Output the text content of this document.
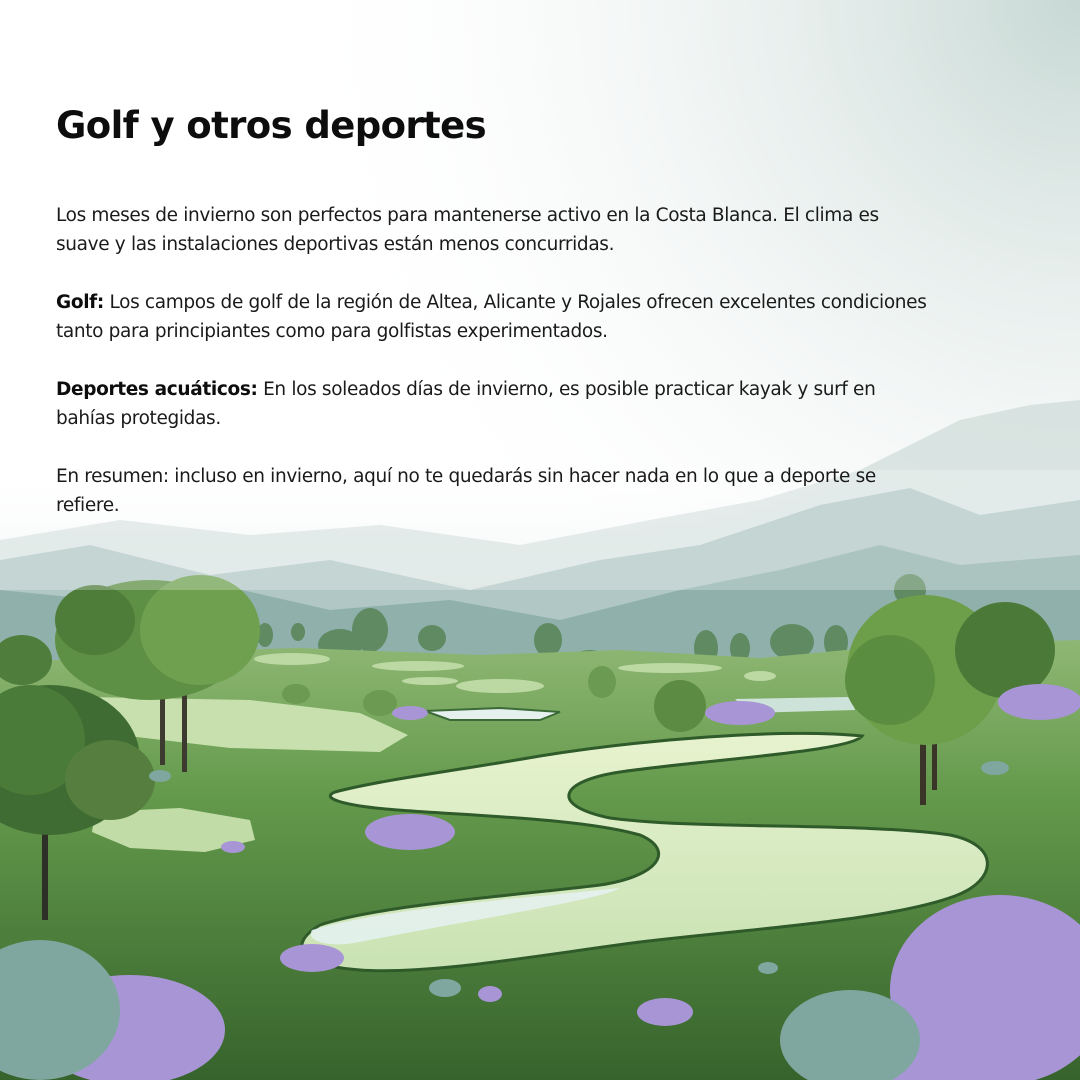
Golf y otros deportes

Los meses de invierno son perfectos para mantenerse activo en la Costa Blanca. El clima es suave y las instalaciones deportivas están menos concurridas.

Golf: Los campos de golf de la región de Altea, Alicante y Rojales ofrecen excelentes condiciones tanto para principiantes como para golfistas experimentados.

Deportes acuáticos: En los soleados días de invierno, es posible practicar kayak y surf en bahías protegidas.

En resumen: incluso en invierno, aquí no te quedarás sin hacer nada en lo que a deporte se refiere.
